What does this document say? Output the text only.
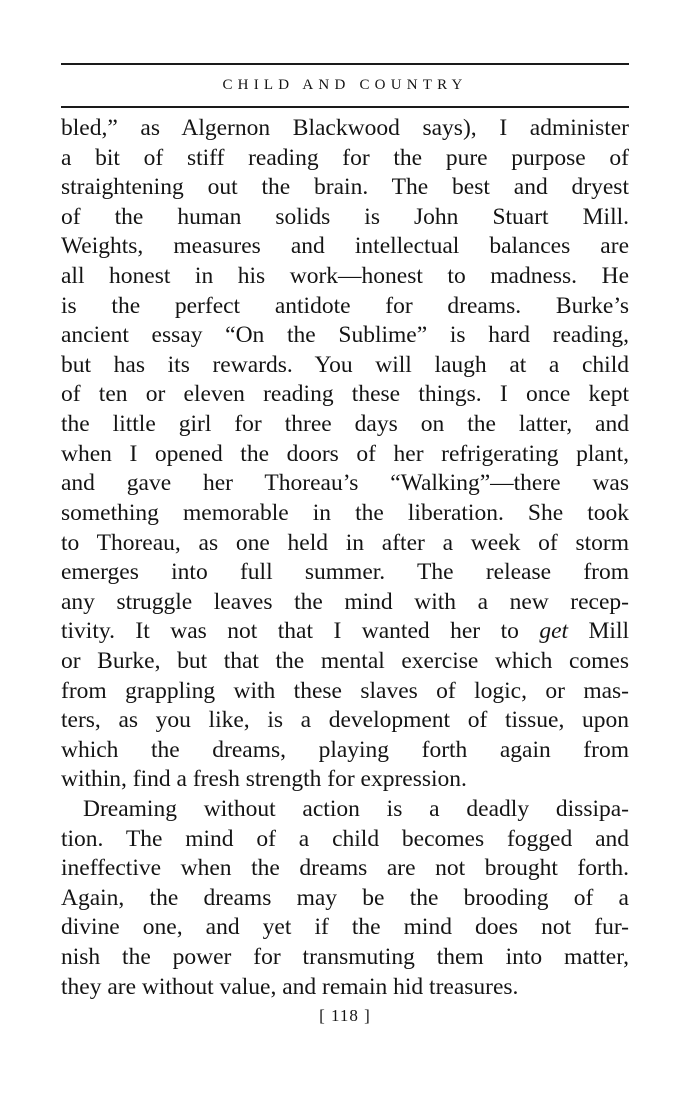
CHILD AND COUNTRY
bled,” as Algernon Blackwood says), I administer
a bit of stiff reading for the pure purpose of
straightening out the brain. The best and dryest
of the human solids is John Stuart Mill.
Weights, measures and intellectual balances are
all honest in his work—honest to madness. He
is the perfect antidote for dreams. Burke’s
ancient essay “On the Sublime” is hard reading,
but has its rewards. You will laugh at a child
of ten or eleven reading these things. I once kept
the little girl for three days on the latter, and
when I opened the doors of her refrigerating plant,
and gave her Thoreau’s “Walking”—there was
something memorable in the liberation. She took
to Thoreau, as one held in after a week of storm
emerges into full summer. The release from
any struggle leaves the mind with a new recep-
tivity. It was not that I wanted her to get Mill
or Burke, but that the mental exercise which comes
from grappling with these slaves of logic, or mas-
ters, as you like, is a development of tissue, upon
which the dreams, playing forth again from
within, find a fresh strength for expression.
Dreaming without action is a deadly dissipa-
tion. The mind of a child becomes fogged and
ineffective when the dreams are not brought forth.
Again, the dreams may be the brooding of a
divine one, and yet if the mind does not fur-
nish the power for transmuting them into matter,
they are without value, and remain hid treasures.
[ 118 ]
